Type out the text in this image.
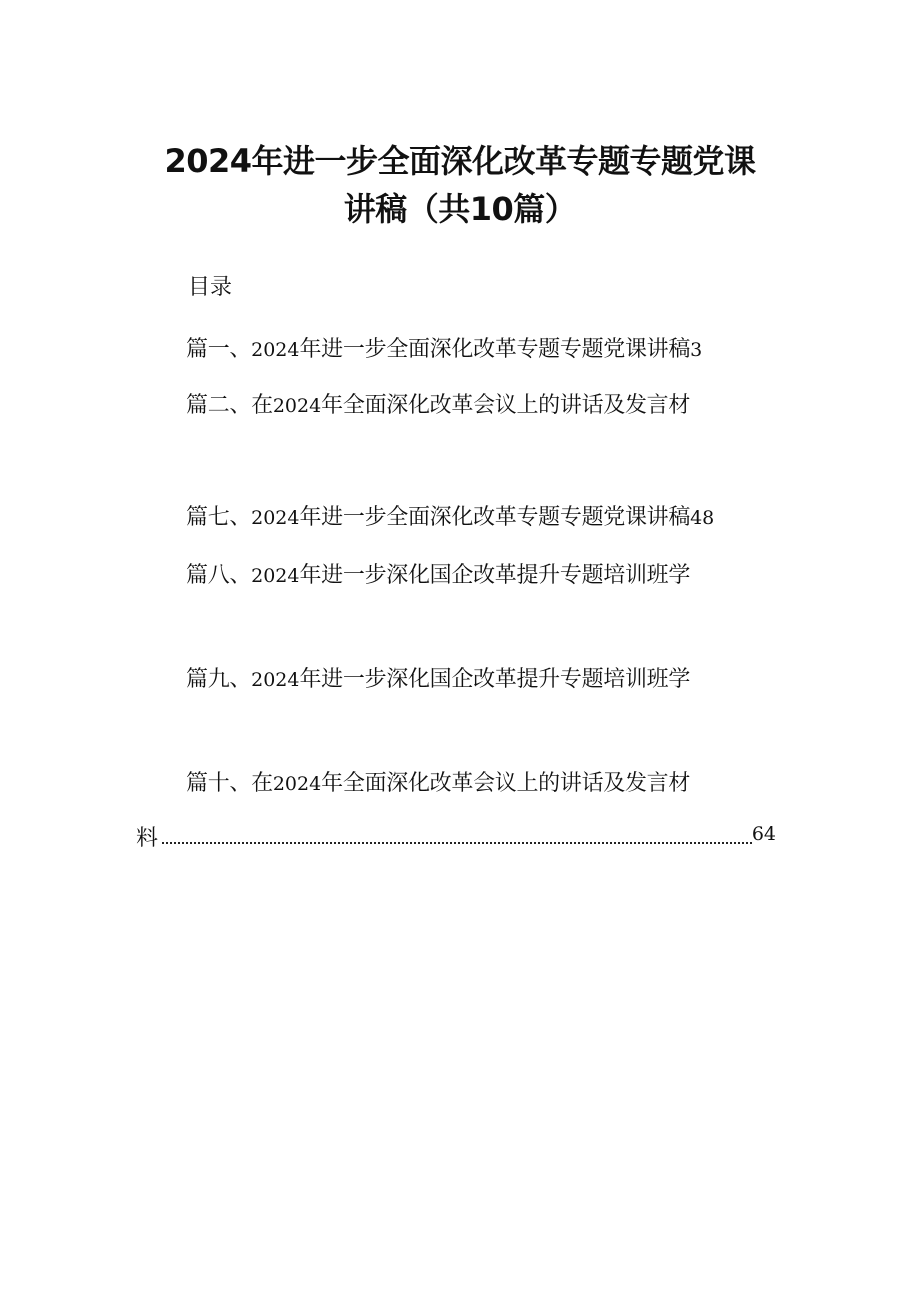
2024年进一步全面深化改革专题专题党课
讲稿（共10篇）
目录
篇一、2024年进一步全面深化改革专题专题党课讲稿3
篇二、在2024年全面深化改革会议上的讲话及发言材
篇七、2024年进一步全面深化改革专题专题党课讲稿48
篇八、2024年进一步深化国企改革提升专题培训班学
篇九、2024年进一步深化国企改革提升专题培训班学
篇十、在2024年全面深化改革会议上的讲话及发言材
料	64
